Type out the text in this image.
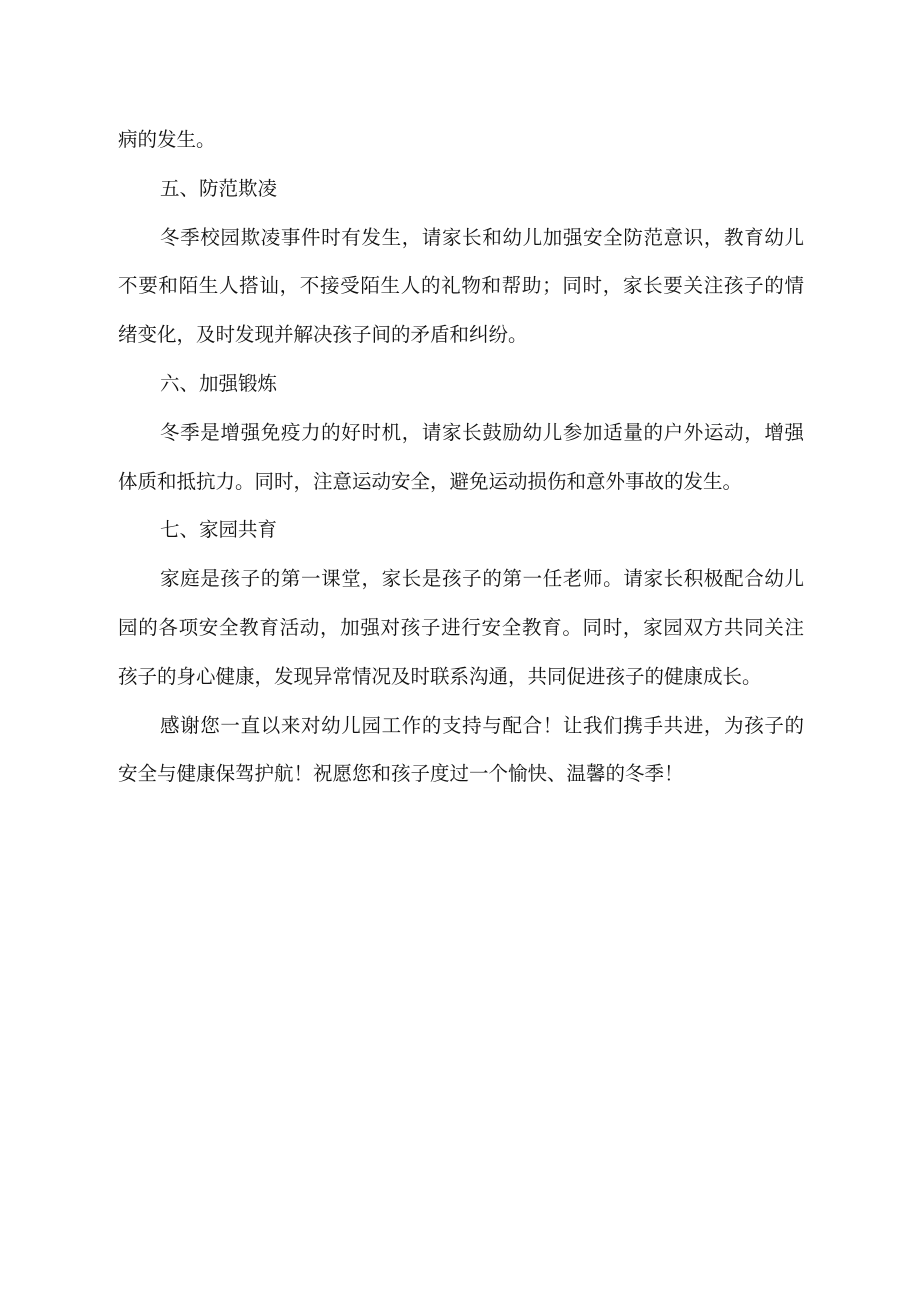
病的发生。
五、防范欺凌
冬季校园欺凌事件时有发生，请家长和幼儿加强安全防范意识，教育幼儿
不要和陌生人搭讪，不接受陌生人的礼物和帮助；同时，家长要关注孩子的情
绪变化，及时发现并解决孩子间的矛盾和纠纷。
六、加强锻炼
冬季是增强免疫力的好时机，请家长鼓励幼儿参加适量的户外运动，增强
体质和抵抗力。同时，注意运动安全，避免运动损伤和意外事故的发生。
七、家园共育
家庭是孩子的第一课堂，家长是孩子的第一任老师。请家长积极配合幼儿
园的各项安全教育活动，加强对孩子进行安全教育。同时，家园双方共同关注
孩子的身心健康，发现异常情况及时联系沟通，共同促进孩子的健康成长。
感谢您一直以来对幼儿园工作的支持与配合！让我们携手共进，为孩子的
安全与健康保驾护航！祝愿您和孩子度过一个愉快、温馨的冬季！
